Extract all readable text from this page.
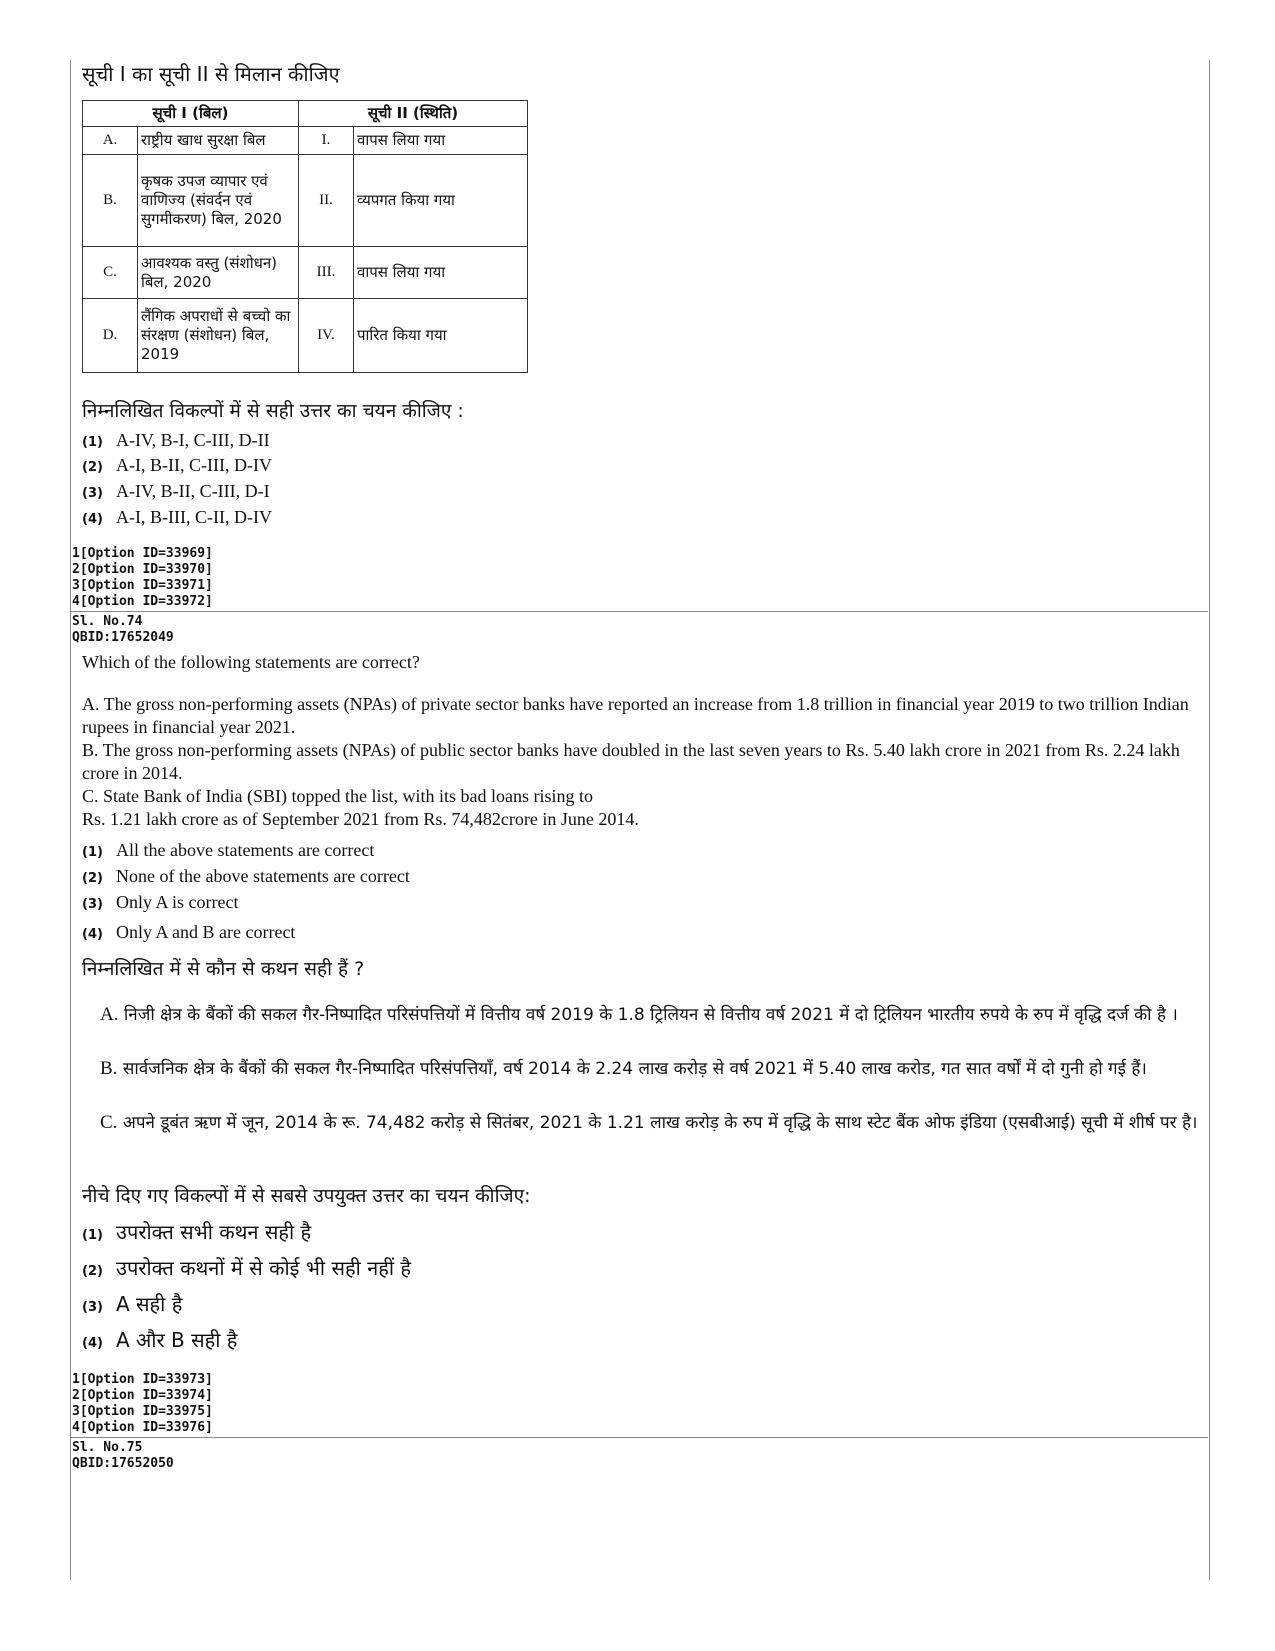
सूची I का सूची II से मिलान कीजिए
सूची I (बिल)		सूची II (स्थिति)	
A.	राष्ट्रीय खाध सुरक्षा बिल	I.	वापस लिया गया
B.	कृषक उपज व्यापार एवं वाणिज्य (संवर्दन एवं सुगमीकरण) बिल, 2020	II.	व्यपगत किया गया
C.	आवश्यक वस्तु (संशोधन) बिल, 2020	III.	वापस लिया गया
D.	लैंगिक अपराधों से बच्चो का संरक्षण (संशोधन) बिल, 2019	IV.	पारित किया गया
निम्नलिखित विकल्पों में से सही उत्तर का चयन कीजिए :
(1) A-IV, B-I, C-III, D-II
(2) A-I, B-II, C-III, D-IV
(3) A-IV, B-II, C-III, D-I
(4) A-I, B-III, C-II, D-IV
1[Option ID=33969]
2[Option ID=33970]
3[Option ID=33971]
4[Option ID=33972]
Sl. No.74
QBID:17652049
Which of the following statements are correct?
A. The gross non-performing assets (NPAs) of private sector banks have reported an increase from 1.8 trillion in financial year 2019 to two trillion Indian rupees in financial year 2021.
B. The gross non-performing assets (NPAs) of public sector banks have doubled in the last seven years to Rs. 5.40 lakh crore in 2021 from Rs. 2.24 lakh crore in 2014.
C. State Bank of India (SBI) topped the list, with its bad loans rising to
Rs. 1.21 lakh crore as of September 2021 from Rs. 74,482crore in June 2014.
(1) All the above statements are correct
(2) None of the above statements are correct
(3) Only A is correct
(4) Only A and B are correct
निम्नलिखित में से कौन से कथन सही हैं ?
A. निजी क्षेत्र के बैंकों की सकल गैर-निष्पादित परिसंपत्तियों में वित्तीय वर्ष 2019 के 1.8 ट्रिलियन से वित्तीय वर्ष 2021 में दो ट्रिलियन भारतीय रुपये के रुप में वृद्धि दर्ज की है ।
B. सार्वजनिक क्षेत्र के बैंकों की सकल गैर-निष्पादित परिसंपत्तियाँ, वर्ष 2014 के 2.24 लाख करोड़ से वर्ष 2021 में 5.40 लाख करोड, गत सात वर्षों में दो गुनी हो गई हैं।
C. अपने डूबंत ऋण में जून, 2014 के रू. 74,482 करोड़ से सितंबर, 2021 के 1.21 लाख करोड़ के रुप में वृद्धि के साथ स्टेट बैंक ओफ इंडिया (एसबीआई) सूची में शीर्ष पर है।
नीचे दिए गए विकल्पों में से सबसे उपयुक्त उत्तर का चयन कीजिए:
(1) उपरोक्त सभी कथन सही है
(2) उपरोक्त कथनों में से कोई भी सही नहीं है
(3) A सही है
(4) A और B सही है
1[Option ID=33973]
2[Option ID=33974]
3[Option ID=33975]
4[Option ID=33976]
Sl. No.75
QBID:17652050
